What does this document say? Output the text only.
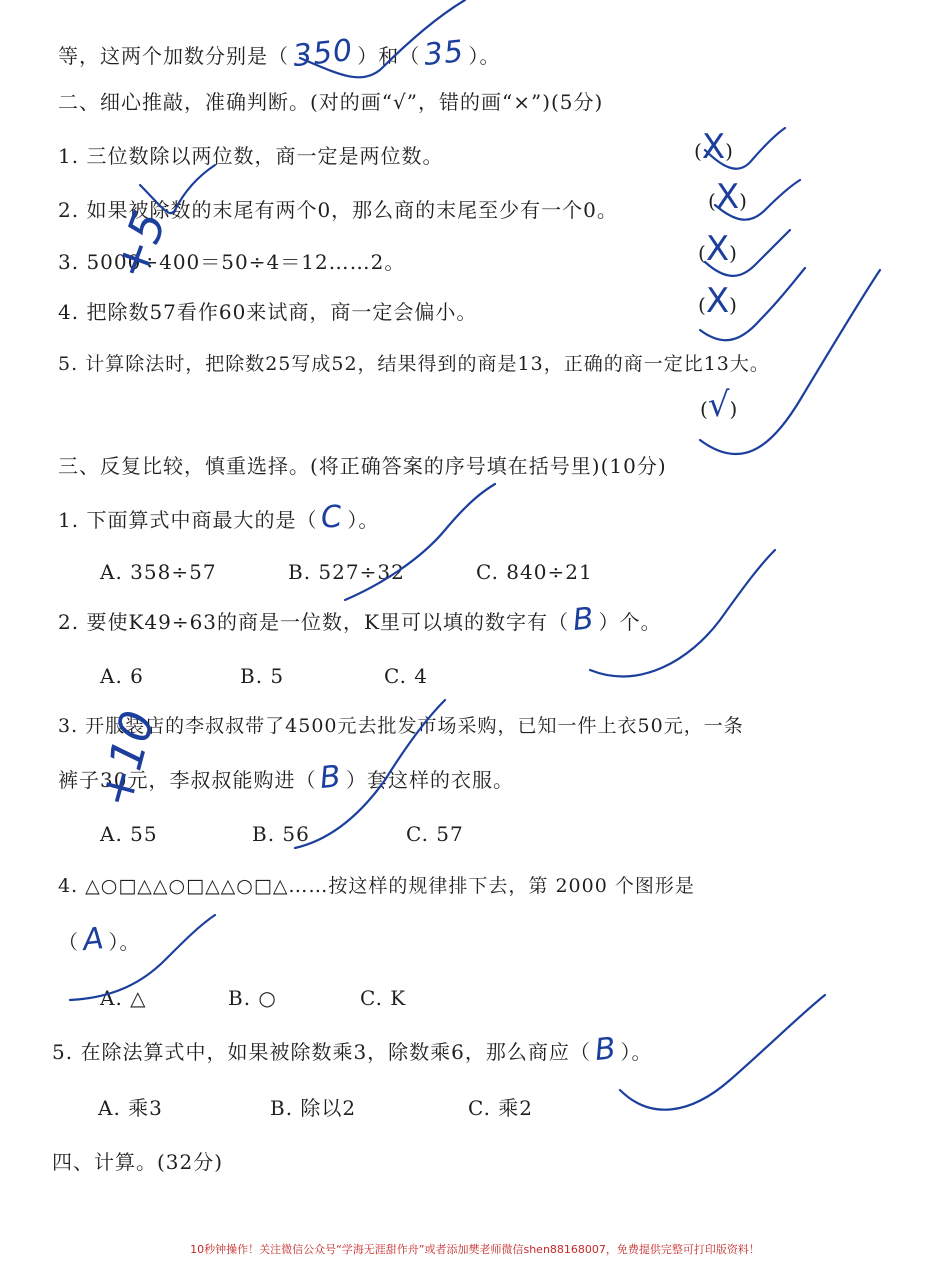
等，这两个加数分别是（350 ）和（35 ）。
二、细心推敲，准确判断。(对的画“√”，错的画“×”)(5分)
1. 三位数除以两位数，商一定是两位数。
2. 如果被除数的末尾有两个0，那么商的末尾至少有一个0。
3. 5000÷400＝50÷4＝12……2。
4. 把除数57看作60来试商，商一定会偏小。
5. 计算除法时，把除数25写成52，结果得到的商是13，正确的商一定比13大。
(X)
(X)
(X)
(X)
(√)
+5
三、反复比较，慎重选择。(将正确答案的序号填在括号里)(10分)
1. 下面算式中商最大的是（C ）。
A. 358÷57	B. 527÷32	C. 840÷21
2. 要使K49÷63的商是一位数，K里可以填的数字有（B ）个。
A. 6	B. 5	C. 4
3. 开服装店的李叔叔带了4500元去批发市场采购，已知一件上衣50元，一条
裤子30元，李叔叔能购进（B ）套这样的衣服。
A. 55	B. 56	C. 57
+10
4. △○□△△○□△△○□△……按这样的规律排下去，第 2000 个图形是
（A ）。
A. △	B. ○	C. K
5. 在除法算式中，如果被除数乘3，除数乘6，那么商应（B ）。
A. 乘3	B. 除以2	C. 乘2
四、计算。(32分)
10秒钟操作！关注微信公众号“学海无涯甜作舟”或者添加樊老师微信shen88168007，免费提供完整可打印版资料！
